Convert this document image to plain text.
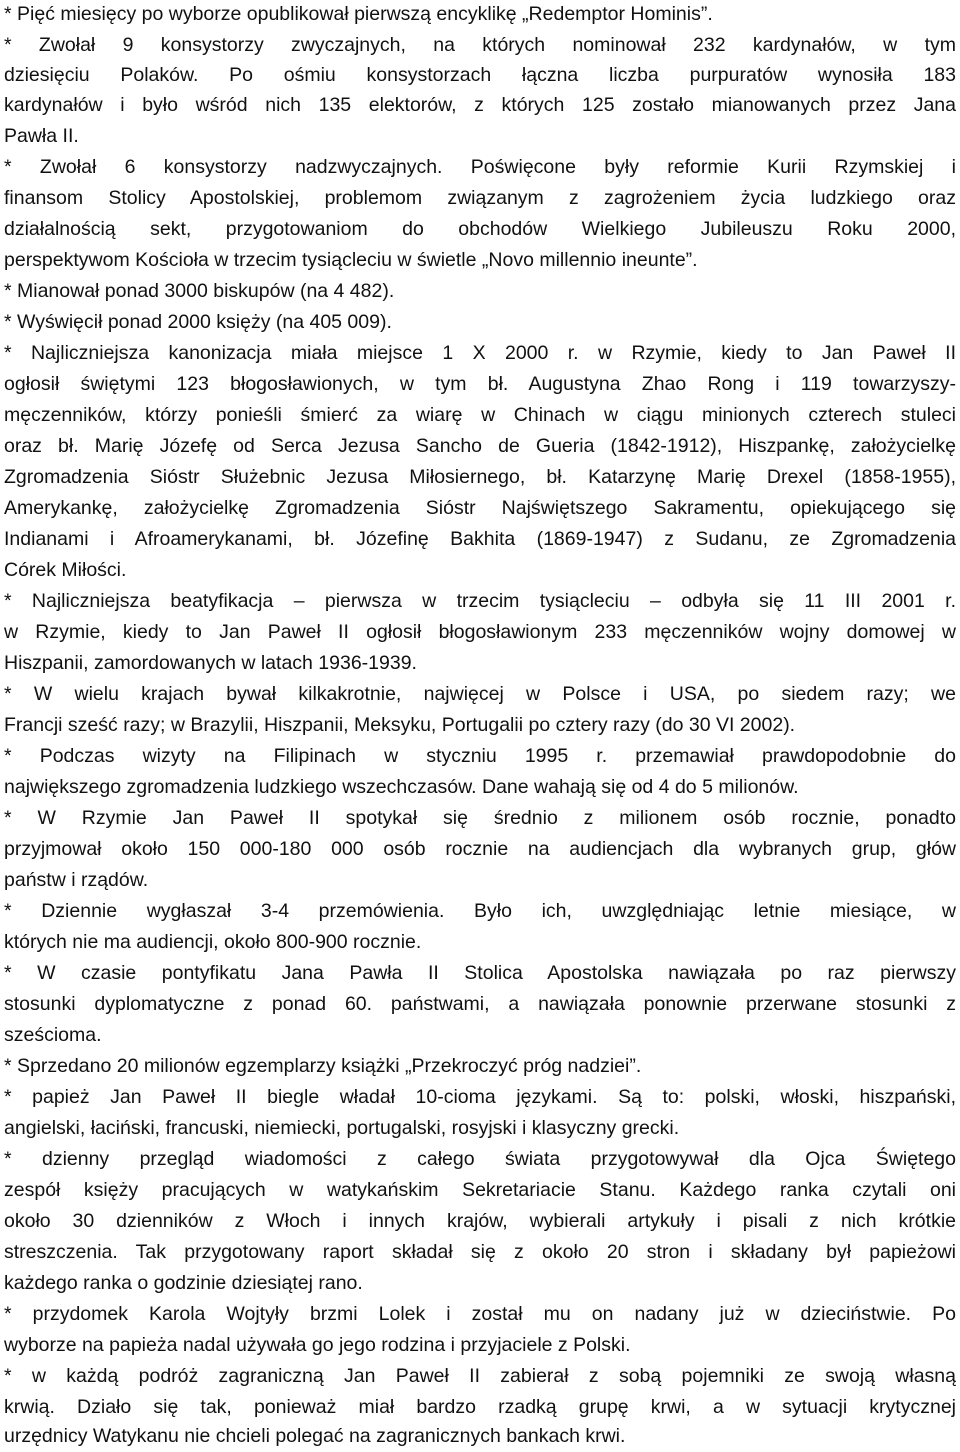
* Pięć miesięcy po wyborze opublikował pierwszą encyklikę „Redemptor Hominis”.
* Zwołał 9 konsystorzy zwyczajnych, na których nominował 232 kardynałów, w tym
dziesięciu Polaków. Po ośmiu konsystorzach łączna liczba purpuratów wynosiła 183
kardynałów i było wśród nich 135 elektorów, z których 125 zostało mianowanych przez Jana
Pawła II.
* Zwołał 6 konsystorzy nadzwyczajnych. Poświęcone były reformie Kurii Rzymskiej i
finansom Stolicy Apostolskiej, problemom związanym z zagrożeniem życia ludzkiego oraz
działalnością sekt, przygotowaniom do obchodów Wielkiego Jubileuszu Roku 2000,
perspektywom Kościoła w trzecim tysiącleciu w świetle „Novo millennio ineunte”.
* Mianował ponad 3000 biskupów (na 4 482).
* Wyświęcił ponad 2000 księży (na 405 009).
* Najliczniejsza kanonizacja miała miejsce 1 X 2000 r. w Rzymie, kiedy to Jan Paweł II
ogłosił świętymi 123 błogosławionych, w tym bł. Augustyna Zhao Rong i 119 towarzyszy-
męczenników, którzy ponieśli śmierć za wiarę w Chinach w ciągu minionych czterech stuleci
oraz bł. Marię Józefę od Serca Jezusa Sancho de Gueria (1842-1912), Hiszpankę, założycielkę
Zgromadzenia Sióstr Służebnic Jezusa Miłosiernego, bł. Katarzynę Marię Drexel (1858-1955),
Amerykankę, założycielkę Zgromadzenia Sióstr Najświętszego Sakramentu, opiekującego się
Indianami i Afroamerykanami, bł. Józefinę Bakhita (1869-1947) z Sudanu, ze Zgromadzenia
Córek Miłości.
* Najliczniejsza beatyfikacja – pierwsza w trzecim tysiącleciu – odbyła się 11 III 2001 r.
w Rzymie, kiedy to Jan Paweł II ogłosił błogosławionym 233 męczenników wojny domowej w
Hiszpanii, zamordowanych w latach 1936-1939.
* W wielu krajach bywał kilkakrotnie, najwięcej w Polsce i USA, po siedem razy; we
Francji sześć razy; w Brazylii, Hiszpanii, Meksyku, Portugalii po cztery razy (do 30 VI 2002).
* Podczas wizyty na Filipinach w styczniu 1995 r. przemawiał prawdopodobnie do
największego zgromadzenia ludzkiego wszechczasów. Dane wahają się od 4 do 5 milionów.
* W Rzymie Jan Paweł II spotykał się średnio z milionem osób rocznie, ponadto
przyjmował około 150 000-180 000 osób rocznie na audiencjach dla wybranych grup, głów
państw i rządów.
* Dziennie wygłaszał 3-4 przemówienia. Było ich, uwzględniając letnie miesiące, w
których nie ma audiencji, około 800-900 rocznie.
* W czasie pontyfikatu Jana Pawła II Stolica Apostolska nawiązała po raz pierwszy
stosunki dyplomatyczne z ponad 60. państwami, a nawiązała ponownie przerwane stosunki z
sześcioma.
* Sprzedano 20 milionów egzemplarzy książki „Przekroczyć próg nadziei”.
* papież Jan Paweł II biegle władał 10-cioma językami. Są to: polski, włoski, hiszpański,
angielski, łaciński, francuski, niemiecki, portugalski, rosyjski i klasyczny grecki.
* dzienny przegląd wiadomości z całego świata przygotowywał dla Ojca Świętego
zespół księży pracujących w watykańskim Sekretariacie Stanu. Każdego ranka czytali oni
około 30 dzienników z Włoch i innych krajów, wybierali artykuły i pisali z nich krótkie
streszczenia. Tak przygotowany raport składał się z około 20 stron i składany był papieżowi
każdego ranka o godzinie dziesiątej rano.
* przydomek Karola Wojtyły brzmi Lolek i został mu on nadany już w dzieciństwie. Po
wyborze na papieża nadal używała go jego rodzina i przyjaciele z Polski.
* w każdą podróż zagraniczną Jan Paweł II zabierał z sobą pojemniki ze swoją własną
krwią. Działo się tak, ponieważ miał bardzo rzadką grupę krwi, a w sytuacji krytycznej
urzędnicy Watykanu nie chcieli polegać na zagranicznych bankach krwi.
